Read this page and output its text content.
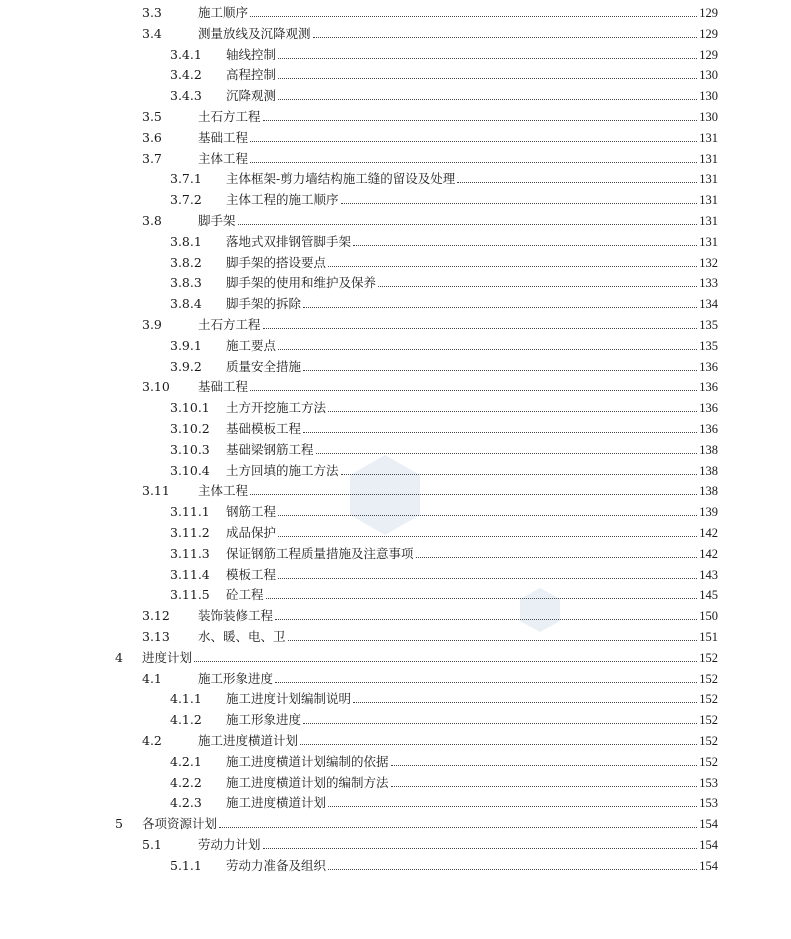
3.3	施工顺序	129
3.4	测量放线及沉降观测	129
3.4.1	轴线控制	129
3.4.2	高程控制	130
3.4.3	沉降观测	130
3.5	土石方工程	130
3.6	基础工程	131
3.7	主体工程	131
3.7.1	主体框架-剪力墙结构施工缝的留设及处理	131
3.7.2	主体工程的施工顺序	131
3.8	脚手架	131
3.8.1	落地式双排钢管脚手架	131
3.8.2	脚手架的搭设要点	132
3.8.3	脚手架的使用和维护及保养	133
3.8.4	脚手架的拆除	134
3.9	土石方工程	135
3.9.1	施工要点	135
3.9.2	质量安全措施	136
3.10	基础工程	136
3.10.1	土方开挖施工方法	136
3.10.2	基础模板工程	136
3.10.3	基础梁钢筋工程	138
3.10.4	土方回填的施工方法	138
3.11	主体工程	138
3.11.1	钢筋工程	139
3.11.2	成品保护	142
3.11.3	保证钢筋工程质量措施及注意事项	142
3.11.4	模板工程	143
3.11.5	砼工程	145
3.12	装饰装修工程	150
3.13	水、暖、电、卫	151
4	进度计划	152
4.1	施工形象进度	152
4.1.1	施工进度计划编制说明	152
4.1.2	施工形象进度	152
4.2	施工进度横道计划	152
4.2.1	施工进度横道计划编制的依据	152
4.2.2	施工进度横道计划的编制方法	153
4.2.3	施工进度横道计划	153
5	各项资源计划	154
5.1	劳动力计划	154
5.1.1	劳动力准备及组织	154
